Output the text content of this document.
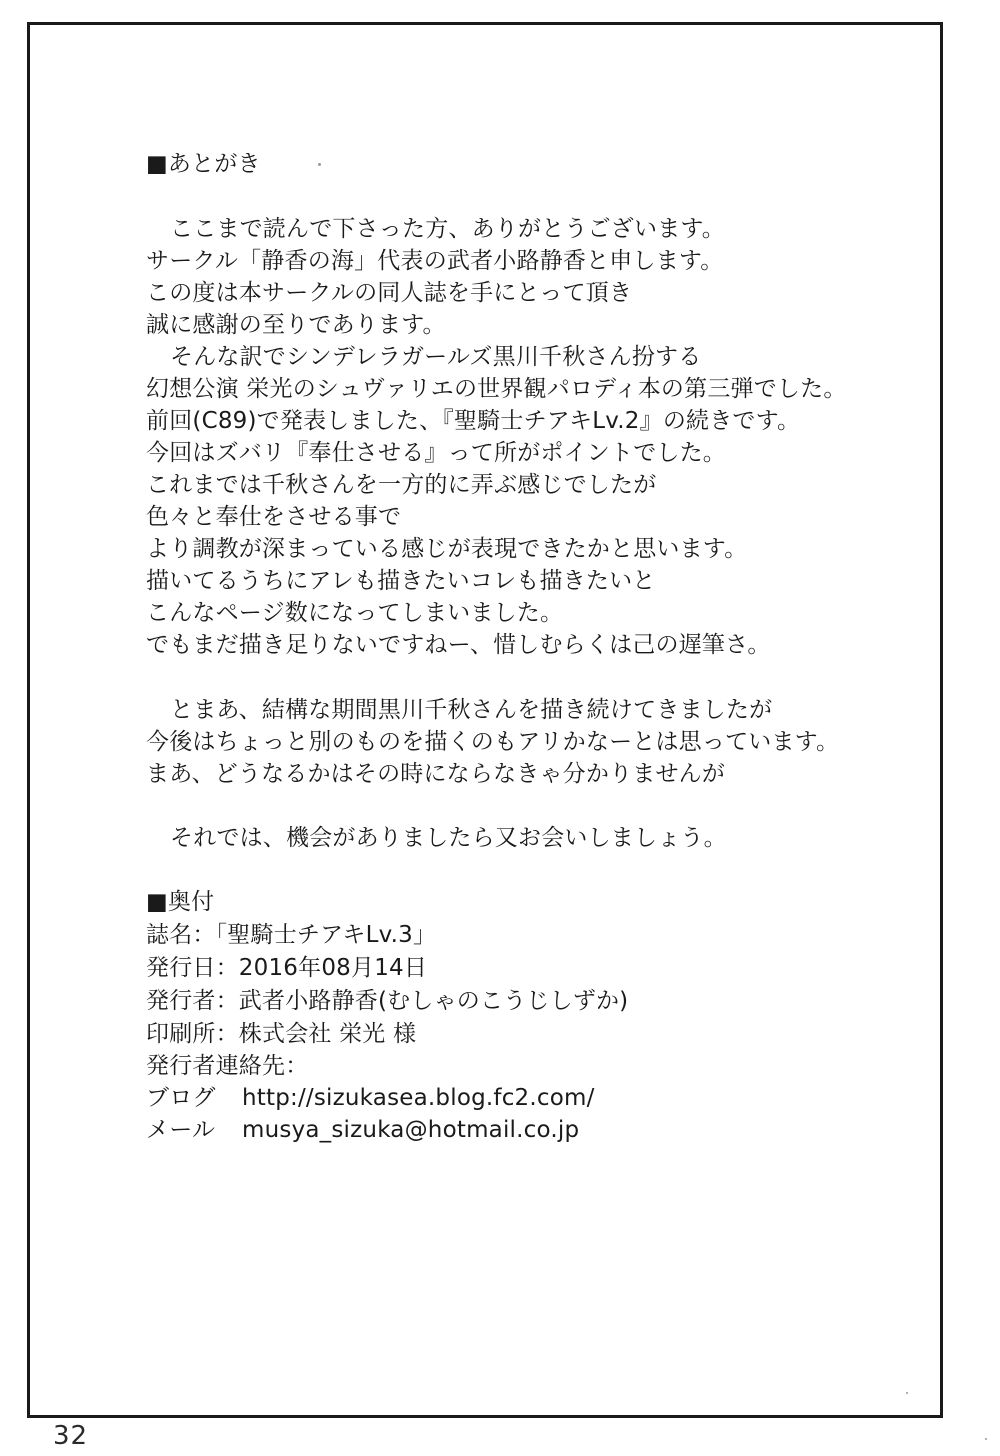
■あとがき
ここまで読んで下さった方、ありがとうございます。
サークル「静香の海」代表の武者小路静香と申します。
この度は本サークルの同人誌を手にとって頂き
誠に感謝の至りであります。
そんな訳でシンデレラガールズ黒川千秋さん扮する
幻想公演 栄光のシュヴァリエの世界観パロディ本の第三弾でした。
前回(C89)で発表しました、『聖騎士チアキLv.2』の続きです。
今回はズバリ『奉仕させる』って所がポイントでした。
これまでは千秋さんを一方的に弄ぶ感じでしたが
色々と奉仕をさせる事で
より調教が深まっている感じが表現できたかと思います。
描いてるうちにアレも描きたいコレも描きたいと
こんなページ数になってしまいました。
でもまだ描き足りないですねー、惜しむらくは己の遅筆さ。
とまあ、結構な期間黒川千秋さんを描き続けてきましたが
今後はちょっと別のものを描くのもアリかなーとは思っています。
まあ、どうなるかはその時にならなきゃ分かりませんが
それでは、機会がありましたら又お会いしましょう。
■奥付
誌名：「聖騎士チアキLv.3」
発行日：2016年08月14日
発行者：武者小路静香(むしゃのこうじしずか)
印刷所：株式会社 栄光 様
発行者連絡先：
ブログ http://sizukasea.blog.fc2.com/
メール musya_sizuka@hotmail.co.jp
32
